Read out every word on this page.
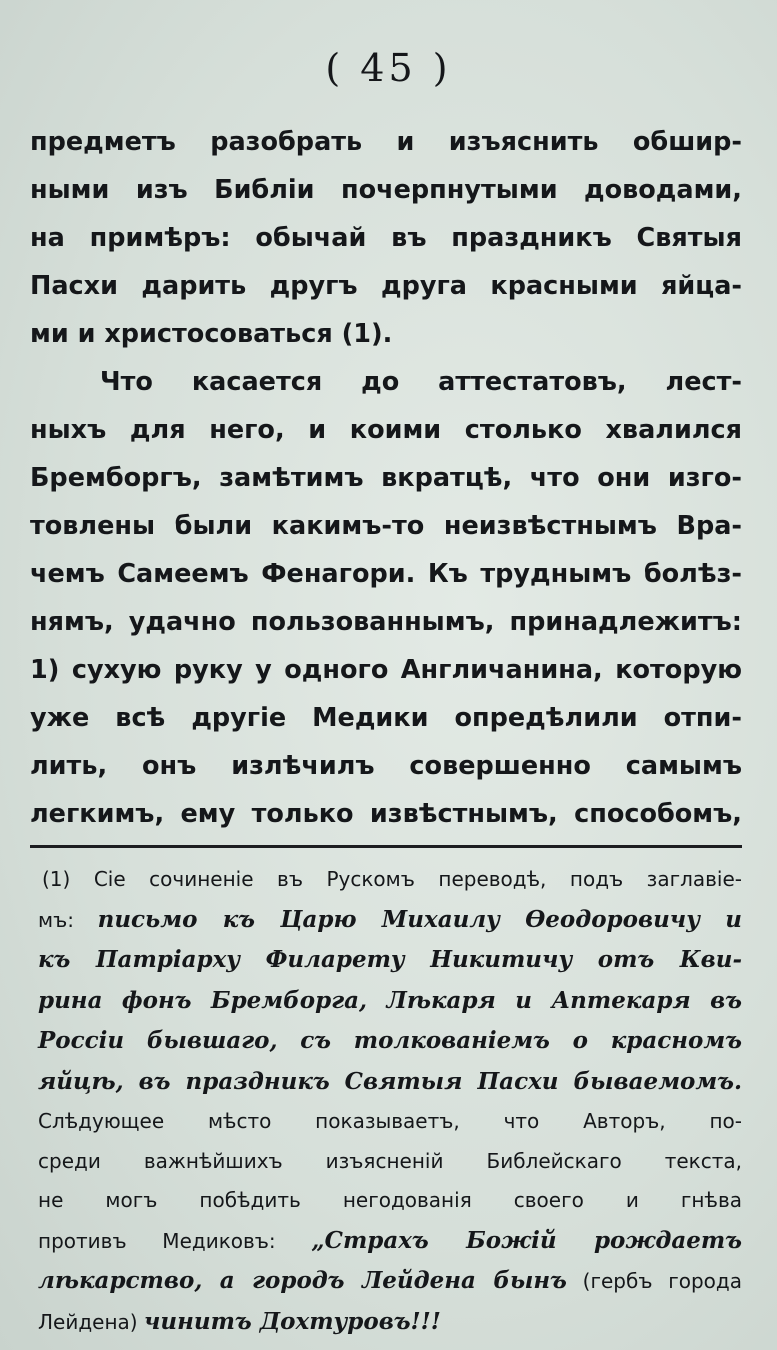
( 45 )
предметъ разобрать и изъяснить обшир-
ными изъ Библіи почерпнутыми доводами,
на примѣръ: обычай въ праздникъ Святыя
Пасхи дарить другъ друга красными яйца-
ми и христосоваться (1).
Что касается до аттестатовъ, лест-
ныхъ для него, и коими столько хвалился
Бремборгъ, замѣтимъ вкратцѣ, что они изго-
товлены были какимъ-то неизвѣстнымъ Вра-
чемъ Самеемъ Фенагори. Къ труднымъ болѣз-
нямъ, удачно пользованнымъ, принадлежитъ:
1) сухую руку у одного Англичанина, которую
уже всѣ другіе Медики опредѣлили отпи-
лить, онъ излѣчилъ совершенно самымъ
легкимъ, ему только извѣстнымъ, способомъ,
(1) Сіе сочиненіе въ Рускомъ переводѣ, подъ заглавіе-
мъ: письмо къ Царю Михаилу Ѳеодоровичу и
къ Патріарху Филарету Никитичу отъ Кви-
рина фонъ Бремборга, Лѣкаря и Аптекаря въ
Россіи бывшаго, съ толкованіемъ о красномъ
яйцѣ, въ праздникъ Святыя Пасхи бываемомъ.
Слѣдующее мѣсто показываетъ, что Авторъ, по-
среди важнѣйшихъ изъясненій Библейскаго текста,
не могъ побѣдить негодованія своего и гнѣва
противъ Медиковъ: „Страхъ Божій рождаетъ
лѣкарство, а городъ Лейдена бынъ (гербъ города
Лейдена) чинитъ Дохтуровъ!!!
